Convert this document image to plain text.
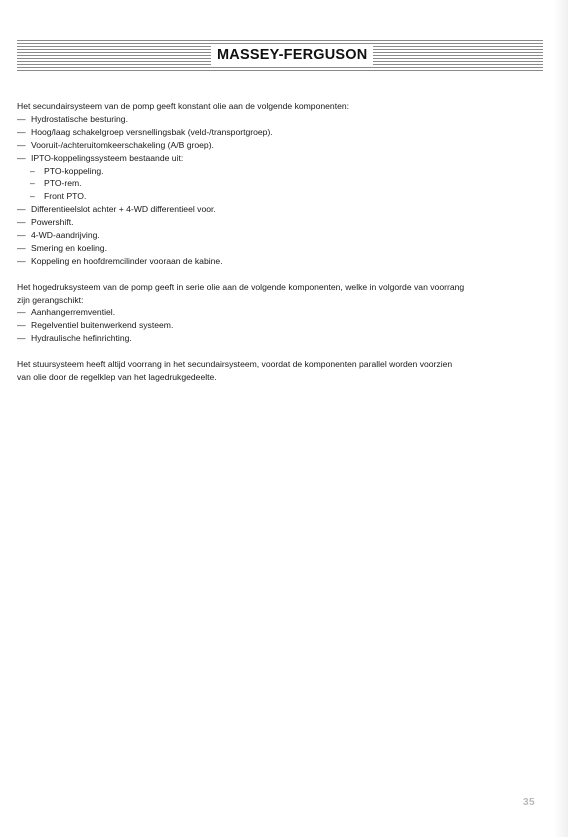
MASSEY-FERGUSON

Het secundairsysteem van de pomp geeft konstant olie aan de volgende komponenten:

— Hydrostatische besturing.

— Hoog/laag schakelgroep versnellingsbak (veld-/transportgroep).

— Vooruit-/achteruitomkeerschakeling (A/B groep).

— IPTO-koppelingssysteem bestaande uit:

– PTO-koppeling.

– PTO-rem.

– Front PTO.

— Differentieelslot achter + 4-WD differentieel voor.

— Powershift.

— 4-WD-aandrijving.

— Smering en koeling.

— Koppeling en hoofdremcilinder vooraan de kabine.

Het hogedruksysteem van de pomp geeft in serie olie aan de volgende komponenten, welke in volgorde van voorrang

zijn gerangschikt:

— Aanhangerremventiel.

— Regelventiel buitenwerkend systeem.

— Hydraulische hefinrichting.

Het stuursysteem heeft altijd voorrang in het secundairsysteem, voordat de komponenten parallel worden voorzien

van olie door de regelklep van het lagedrukgedeelte.

35
